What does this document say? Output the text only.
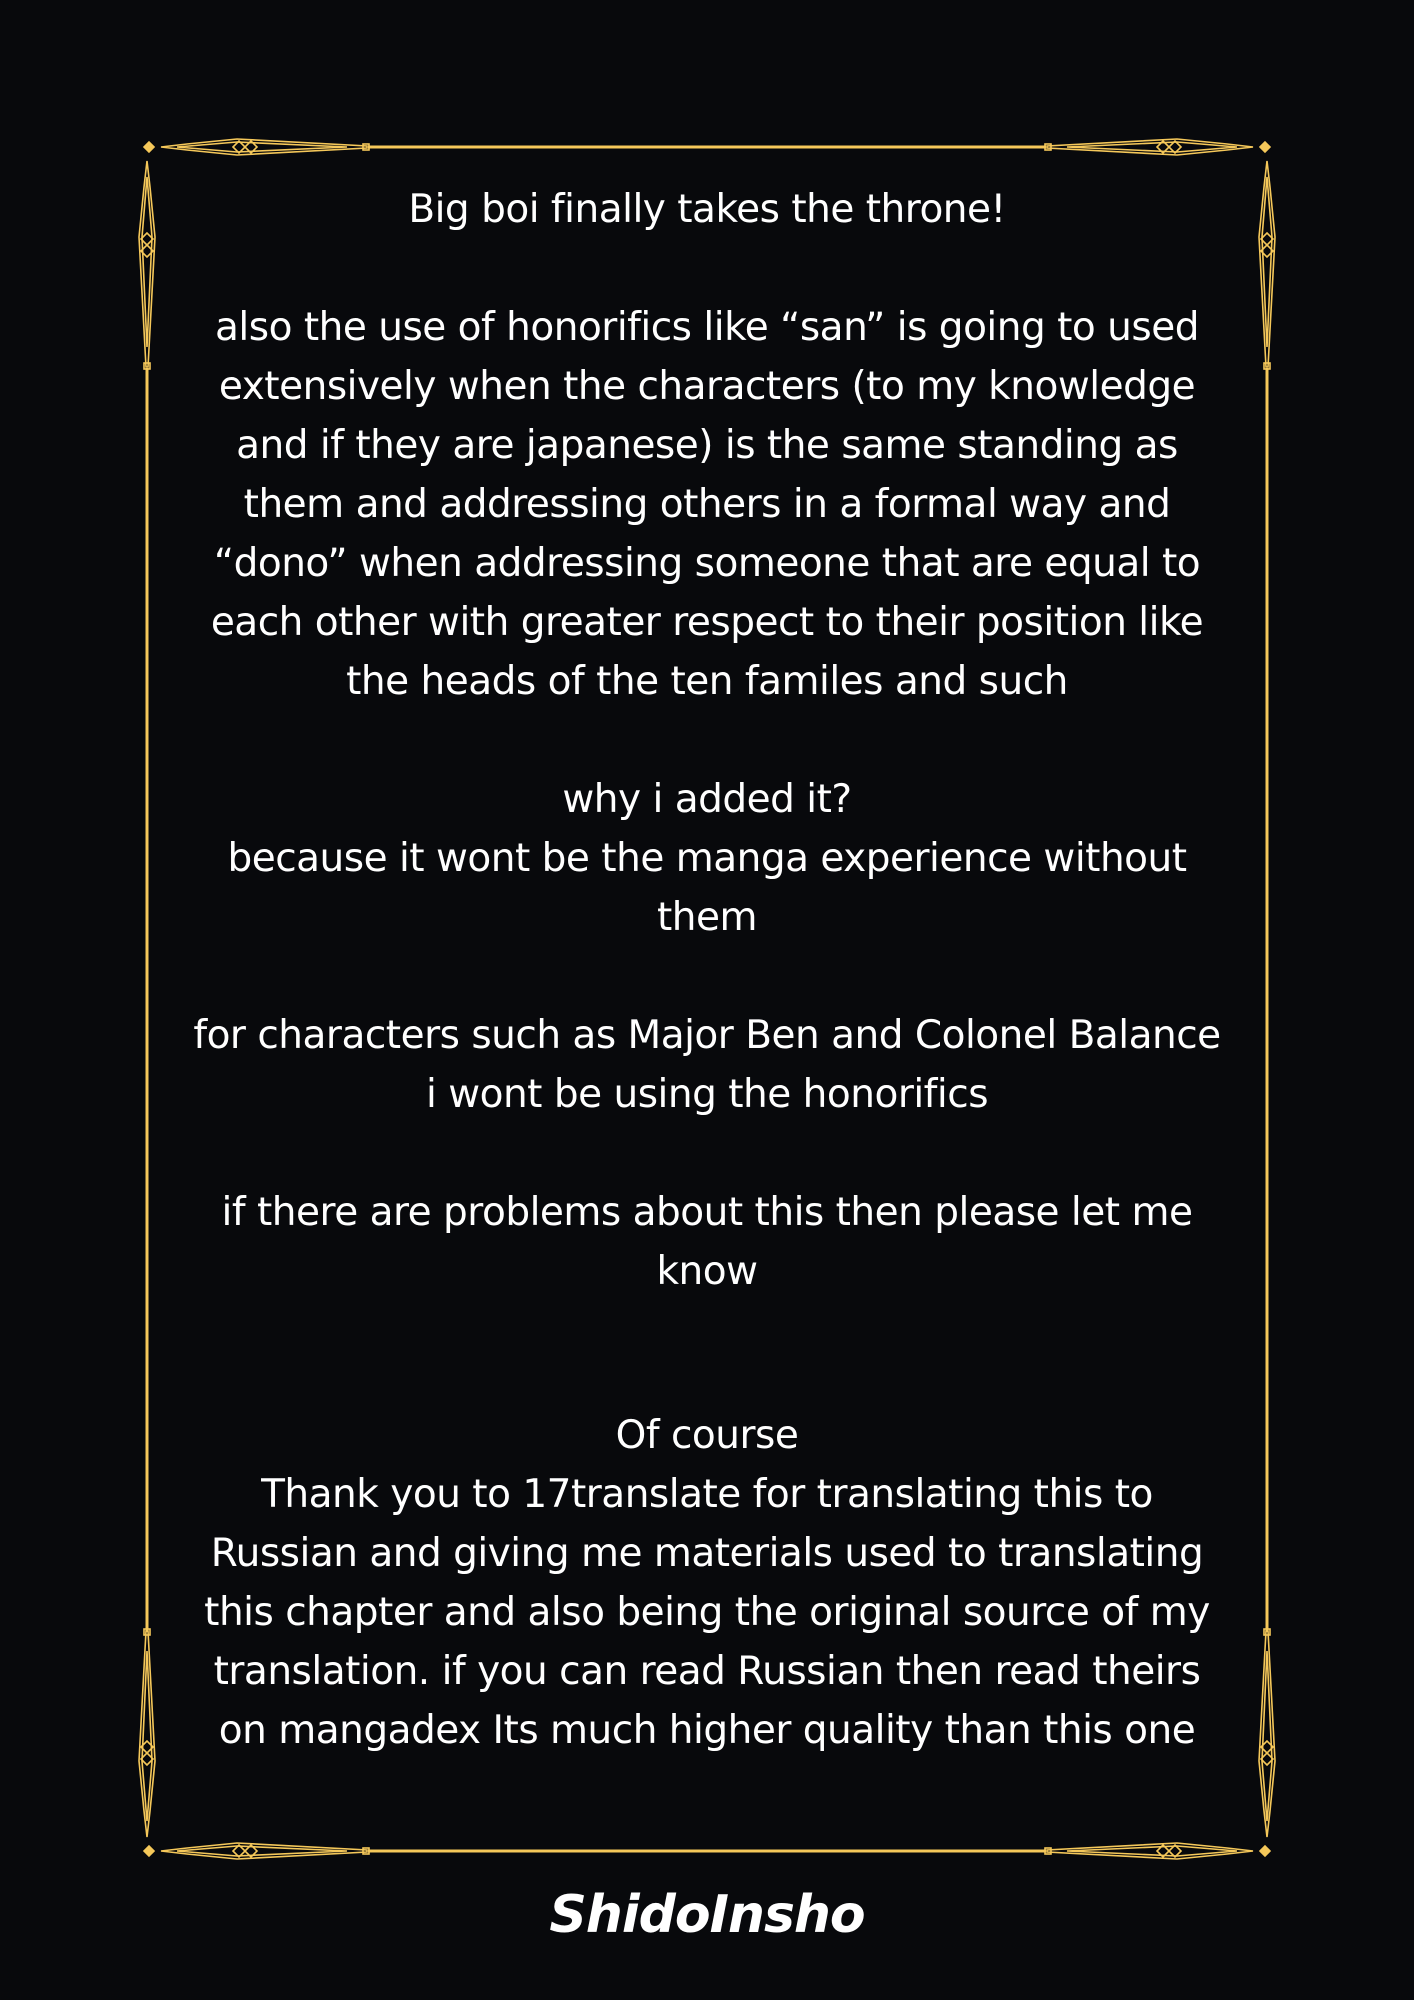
Big boi finally takes the throne!

also the use of honorifics like “san” is going to used

extensively when the characters (to my knowledge

and if they are japanese) is the same standing as

them and addressing others in a formal way and

“dono” when addressing someone that are equal to

each other with greater respect to their position like

the heads of the ten familes and such

why i added it?

because it wont be the manga experience without

them

for characters such as Major Ben and Colonel Balance

i wont be using the honorifics

if there are problems about this then please let me

know

Of course

Thank you to 17translate for translating this to

Russian and giving me materials used to translating

this chapter and also being the original source of my

translation. if you can read Russian then read theirs

on mangadex Its much higher quality than this one

ShidoInsho
